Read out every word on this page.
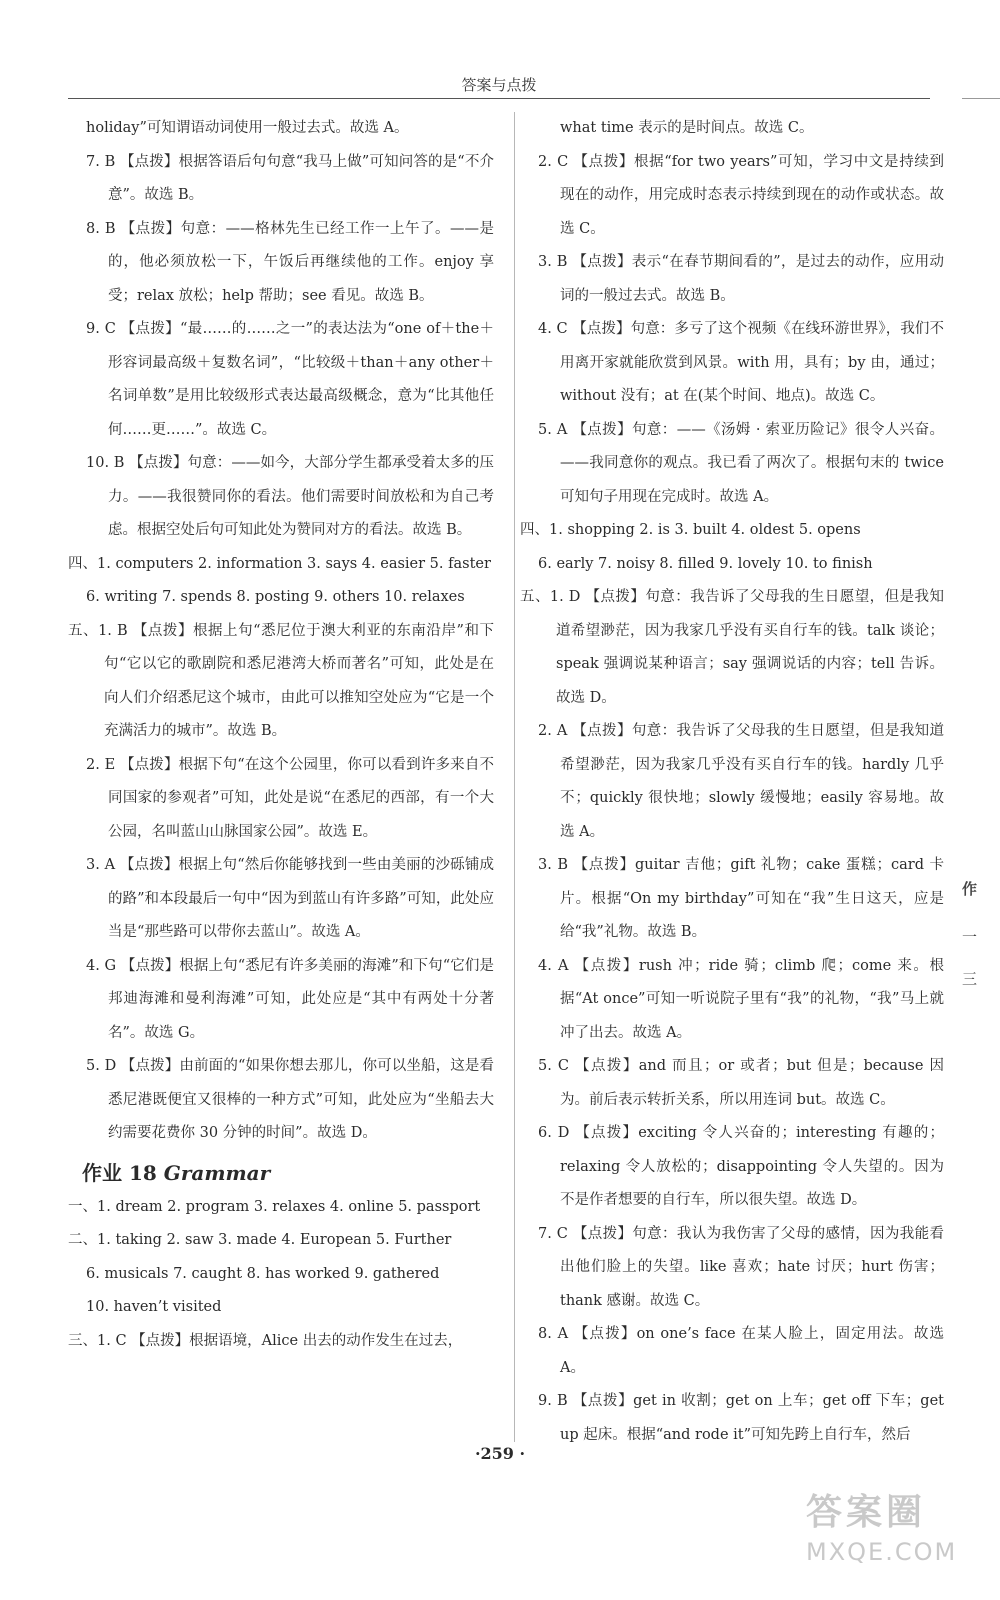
答案与点拨

holiday”可知谓语动词使用一般过去式。故选 A。

7. B 【点拨】根据答语后句句意“我马上做”可知问答的是“不介意”。故选 B。

8. B 【点拨】句意：——格林先生已经工作一上午了。——是的，他必须放松一下，午饭后再继续他的工作。enjoy 享受；relax 放松；help 帮助；see 看见。故选 B。

9. C 【点拨】“最……的……之一”的表达法为“one of＋the＋形容词最高级＋复数名词”，“比较级＋than＋any other＋名词单数”是用比较级形式表达最高级概念，意为“比其他任何……更……”。故选 C。

10. B 【点拨】句意：——如今，大部分学生都承受着太多的压力。——我很赞同你的看法。他们需要时间放松和为自己考虑。根据空处后句可知此处为赞同对方的看法。故选 B。

四、1. computers 2. information 3. says 4. easier 5. faster

6. writing 7. spends 8. posting 9. others 10. relaxes

五、1. B 【点拨】根据上句“悉尼位于澳大利亚的东南沿岸”和下句“它以它的歌剧院和悉尼港湾大桥而著名”可知，此处是在向人们介绍悉尼这个城市，由此可以推知空处应为“它是一个充满活力的城市”。故选 B。

2. E 【点拨】根据下句“在这个公园里，你可以看到许多来自不同国家的参观者”可知，此处是说“在悉尼的西部，有一个大公园，名叫蓝山山脉国家公园”。故选 E。

3. A 【点拨】根据上句“然后你能够找到一些由美丽的沙砾铺成的路”和本段最后一句中“因为到蓝山有许多路”可知，此处应当是“那些路可以带你去蓝山”。故选 A。

4. G 【点拨】根据上句“悉尼有许多美丽的海滩”和下句“它们是邦迪海滩和曼利海滩”可知，此处应是“其中有两处十分著名”。故选 G。

5. D 【点拨】由前面的“如果你想去那儿，你可以坐船，这是看悉尼港既便宜又很棒的一种方式”可知，此处应为“坐船去大约需要花费你 30 分钟的时间”。故选 D。

作业 18 Grammar

一、1. dream 2. program 3. relaxes 4. online 5. passport

二、1. taking 2. saw 3. made 4. European 5. Further

6. musicals 7. caught 8. has worked 9. gathered

10. haven’t visited

三、1. C 【点拨】根据语境，Alice 出去的动作发生在过去，

what time 表示的是时间点。故选 C。

2. C 【点拨】根据“for two years”可知，学习中文是持续到现在的动作，用完成时态表示持续到现在的动作或状态。故选 C。

3. B 【点拨】表示“在春节期间看的”，是过去的动作，应用动词的一般过去式。故选 B。

4. C 【点拨】句意：多亏了这个视频《在线环游世界》，我们不用离开家就能欣赏到风景。with 用，具有；by 由，通过；without 没有；at 在(某个时间、地点)。故选 C。

5. A 【点拨】句意：——《汤姆 · 索亚历险记》很令人兴奋。——我同意你的观点。我已看了两次了。根据句末的 twice 可知句子用现在完成时。故选 A。

四、1. shopping 2. is 3. built 4. oldest 5. opens

6. early 7. noisy 8. filled 9. lovely 10. to finish

五、1. D 【点拨】句意：我告诉了父母我的生日愿望，但是我知道希望渺茫，因为我家几乎没有买自行车的钱。talk 谈论；speak 强调说某种语言；say 强调说话的内容；tell 告诉。故选 D。

2. A 【点拨】句意：我告诉了父母我的生日愿望，但是我知道希望渺茫，因为我家几乎没有买自行车的钱。hardly 几乎不；quickly 很快地；slowly 缓慢地；easily 容易地。故选 A。

3. B 【点拨】guitar 吉他；gift 礼物；cake 蛋糕；card 卡片。根据“On my birthday”可知在“我”生日这天，应是给“我”礼物。故选 B。

4. A 【点拨】rush 冲；ride 骑；climb 爬；come 来。根据“At once”可知一听说院子里有“我”的礼物，“我”马上就冲了出去。故选 A。

5. C 【点拨】and 而且；or 或者；but 但是；because 因为。前后表示转折关系，所以用连词 but。故选 C。

6. D 【点拨】exciting 令人兴奋的；interesting 有趣的；relaxing 令人放松的；disappointing 令人失望的。因为不是作者想要的自行车，所以很失望。故选 D。

7. C 【点拨】句意：我认为我伤害了父母的感情，因为我能看出他们脸上的失望。like 喜欢；hate 讨厌；hurt 伤害；thank 感谢。故选 C。

8. A 【点拨】on one’s face 在某人脸上，固定用法。故选 A。

9. B 【点拨】get in 收割；get on 上车；get off 下车；get up 起床。根据“and rode it”可知先跨上自行车，然后

作
一
三
·259 ·
答案圈
MXQE.COM
